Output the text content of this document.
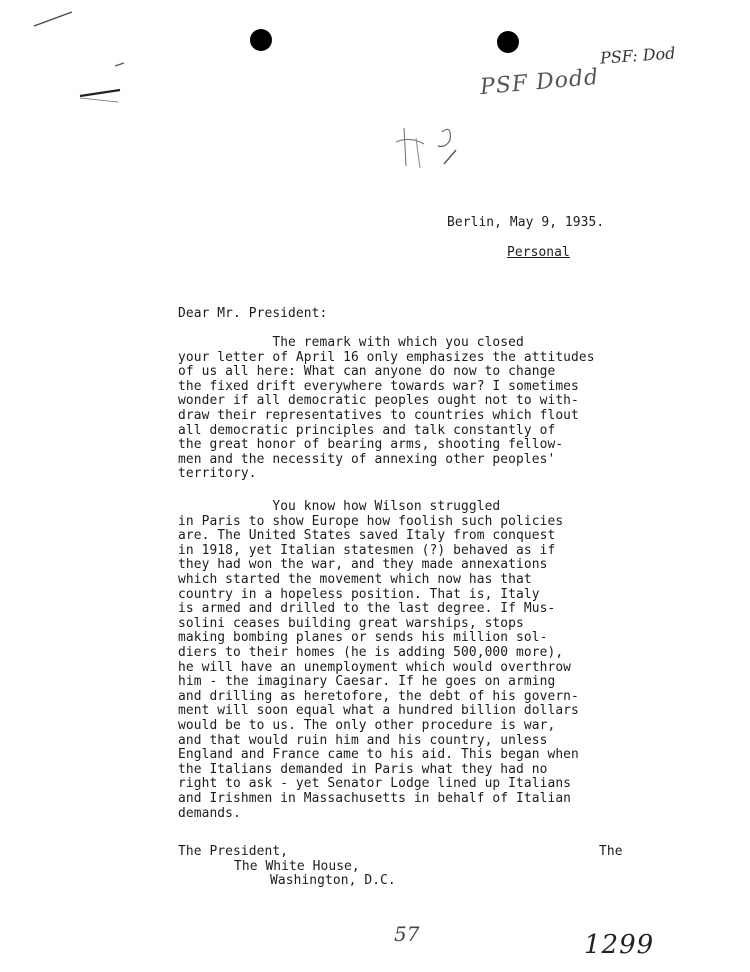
PSF: Dod
PSF Dodd
Berlin, May 9, 1935.
Personal
Dear Mr. President:
The remark with which you closed
your letter of April 16 only emphasizes the attitudes
of us all here: What can anyone do now to change
the fixed drift everywhere towards war? I sometimes
wonder if all democratic peoples ought not to with-
draw their representatives to countries which flout
all democratic principles and talk constantly of
the great honor of bearing arms, shooting fellow-
men and the necessity of annexing other peoples'
territory.
You know how Wilson struggled
in Paris to show Europe how foolish such policies
are. The United States saved Italy from conquest
in 1918, yet Italian statesmen (?) behaved as if
they had won the war, and they made annexations
which started the movement which now has that
country in a hopeless position. That is, Italy
is armed and drilled to the last degree. If Mus-
solini ceases building great warships, stops
making bombing planes or sends his million sol-
diers to their homes (he is adding 500,000 more),
he will have an unemployment which would overthrow
him - the imaginary Caesar. If he goes on arming
and drilling as heretofore, the debt of his govern-
ment will soon equal what a hundred billion dollars
would be to us. The only other procedure is war,
and that would ruin him and his country, unless
England and France came to his aid. This began when
the Italians demanded in Paris what they had no
right to ask - yet Senator Lodge lined up Italians
and Irishmen in Massachusetts in behalf of Italian
demands.
The President,
The White House,
Washington, D.C.
The
57	1299
